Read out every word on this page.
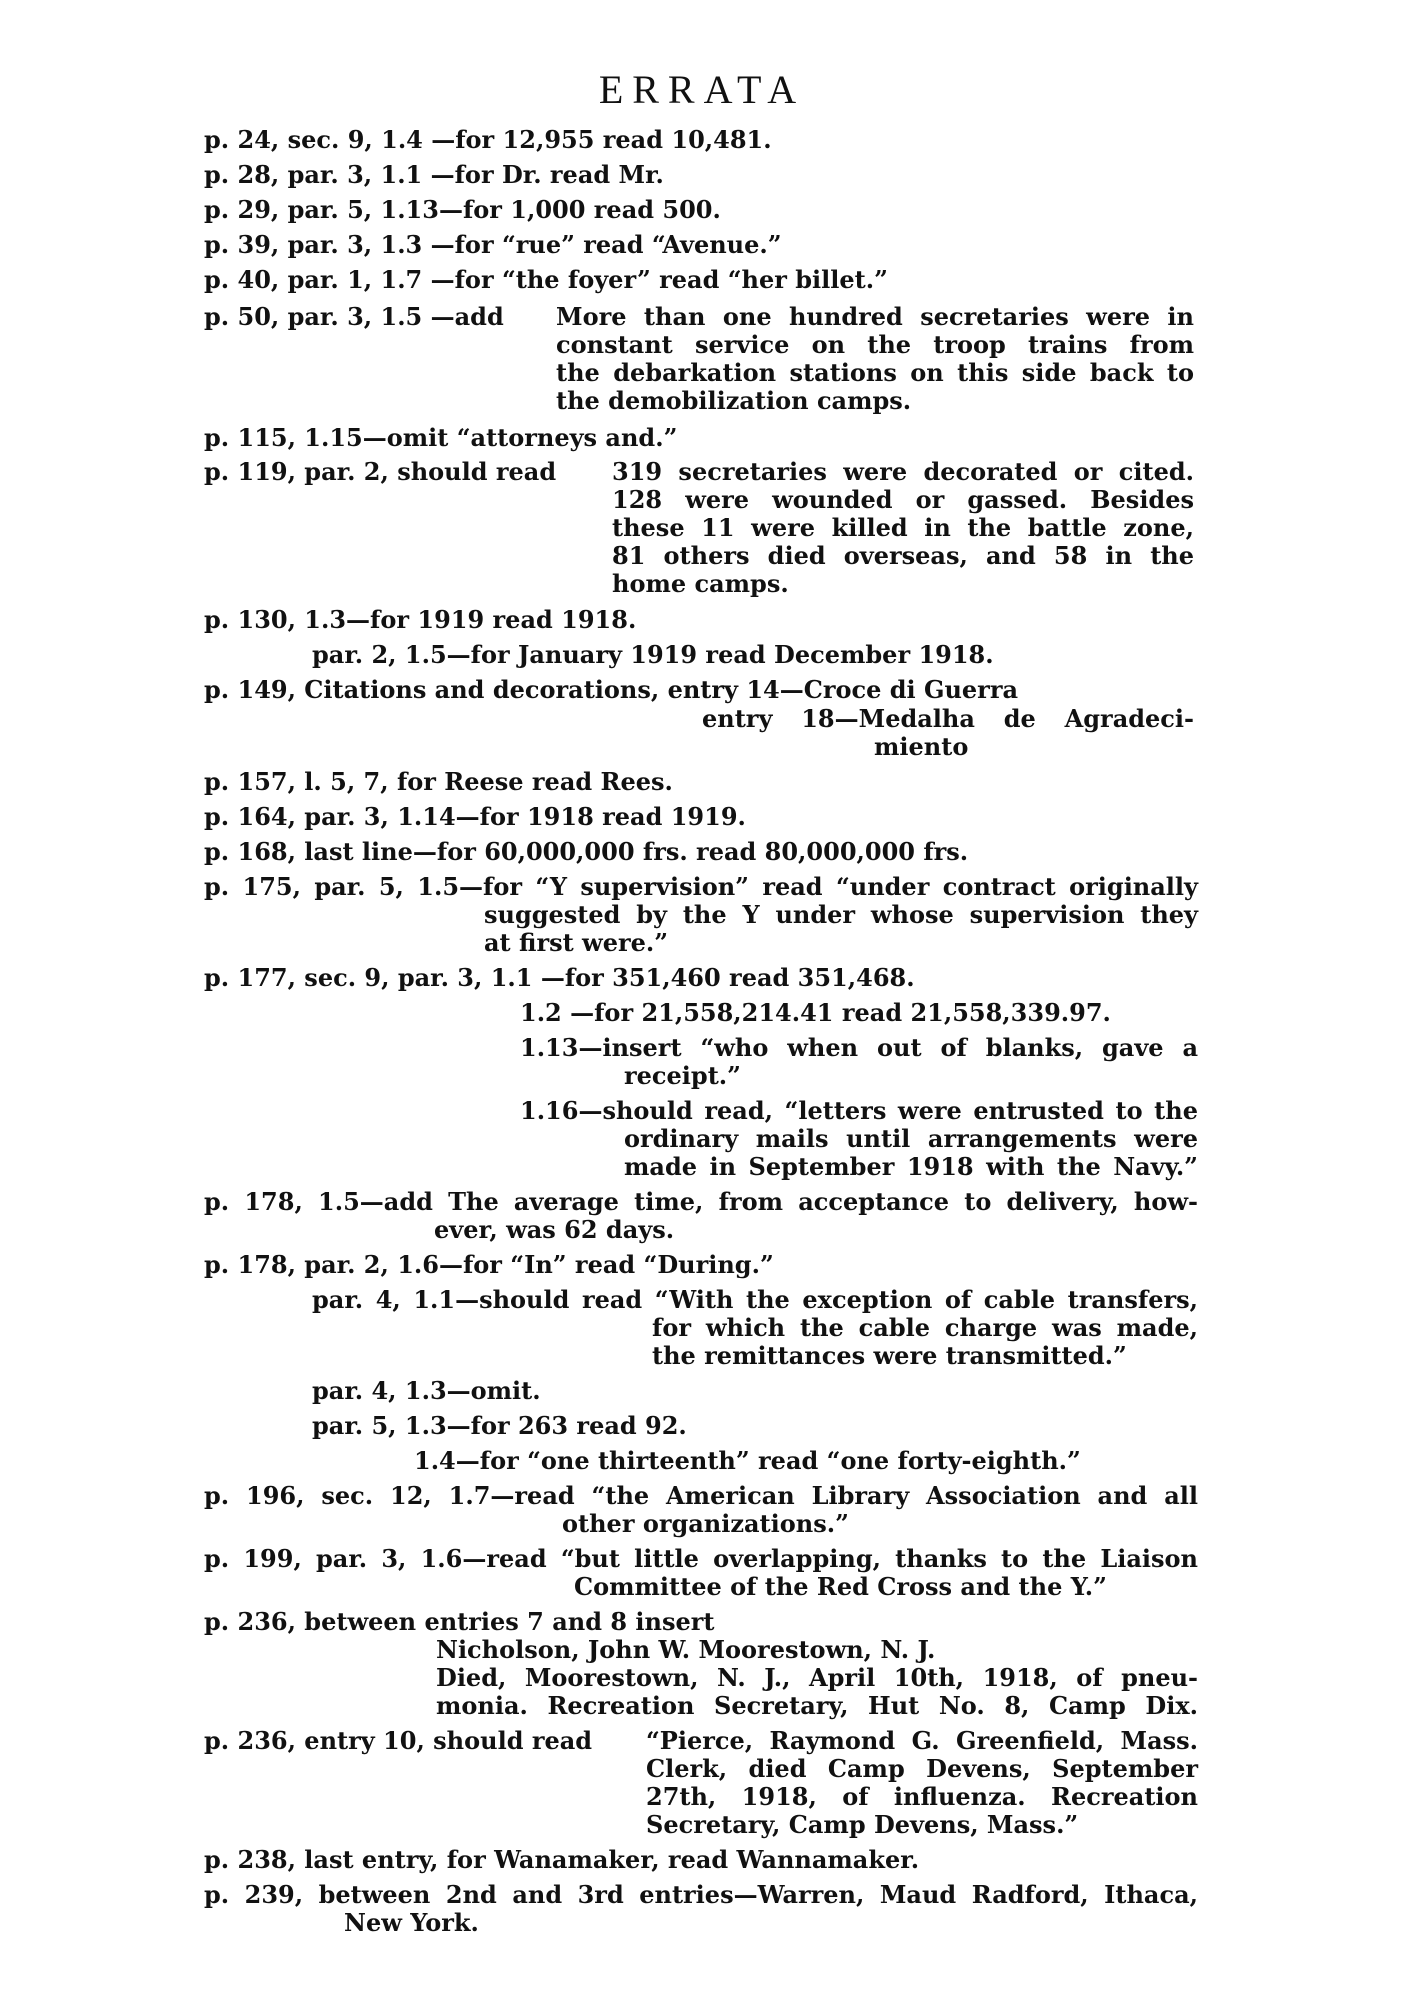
ERRATA
p. 24, sec. 9, 1.4 —for 12,955 read 10,481.
p. 28, par. 3, 1.1 —for Dr. read Mr.
p. 29, par. 5, 1.13—for 1,000 read 500.
p. 39, par. 3, 1.3 —for “rue” read “Avenue.”
p. 40, par. 1, 1.7 —for “the foyer” read “her billet.”
p. 50, par. 3, 1.5 —add More than one hundred secretaries were in
constant service on the troop trains from
the debarkation stations on this side back to
the demobilization camps.
p. 115, 1.15—omit “attorneys and.”
p. 119, par. 2, should read 319 secretaries were decorated or cited.
128 were wounded or gassed. Besides
these 11 were killed in the battle zone,
81 others died overseas, and 58 in the
home camps.
p. 130, 1.3—for 1919 read 1918.
par. 2, 1.5—for January 1919 read December 1918.
p. 149, Citations and decorations, entry 14—Croce di Guerra
entry 18—Medalha de Agradeci-
miento
p. 157, l. 5, 7, for Reese read Rees.
p. 164, par. 3, 1.14—for 1918 read 1919.
p. 168, last line—for 60,000,000 frs. read 80,000,000 frs.
p. 175, par. 5, 1.5—for “Y supervision” read “under contract originally
suggested by the Y under whose supervision they
at first were.”
p. 177, sec. 9, par. 3, 1.1 —for 351,460 read 351,468.
1.2 —for 21,558,214.41 read 21,558,339.97.
1.13—insert “who when out of blanks, gave a
receipt.”
1.16—should read, “letters were entrusted to the
ordinary mails until arrangements were
made in September 1918 with the Navy.”
p. 178, 1.5—add The average time, from acceptance to delivery, how-
ever, was 62 days.
p. 178, par. 2, 1.6—for “In” read “During.”
par. 4, 1.1—should read “With the exception of cable transfers,
for which the cable charge was made,
the remittances were transmitted.”
par. 4, 1.3—omit.
par. 5, 1.3—for 263 read 92.
1.4—for “one thirteenth” read “one forty-eighth.”
p. 196, sec. 12, 1.7—read “the American Library Association and all
other organizations.”
p. 199, par. 3, 1.6—read “but little overlapping, thanks to the Liaison
Committee of the Red Cross and the Y.”
p. 236, between entries 7 and 8 insert
Nicholson, John W. Moorestown, N. J.
Died, Moorestown, N. J., April 10th, 1918, of pneu-
monia. Recreation Secretary, Hut No. 8, Camp Dix.
p. 236, entry 10, should read “Pierce, Raymond G. Greenfield, Mass.
Clerk, died Camp Devens, September
27th, 1918, of influenza. Recreation
Secretary, Camp Devens, Mass.”
p. 238, last entry, for Wanamaker, read Wannamaker.
p. 239, between 2nd and 3rd entries—Warren, Maud Radford, Ithaca,
New York.
